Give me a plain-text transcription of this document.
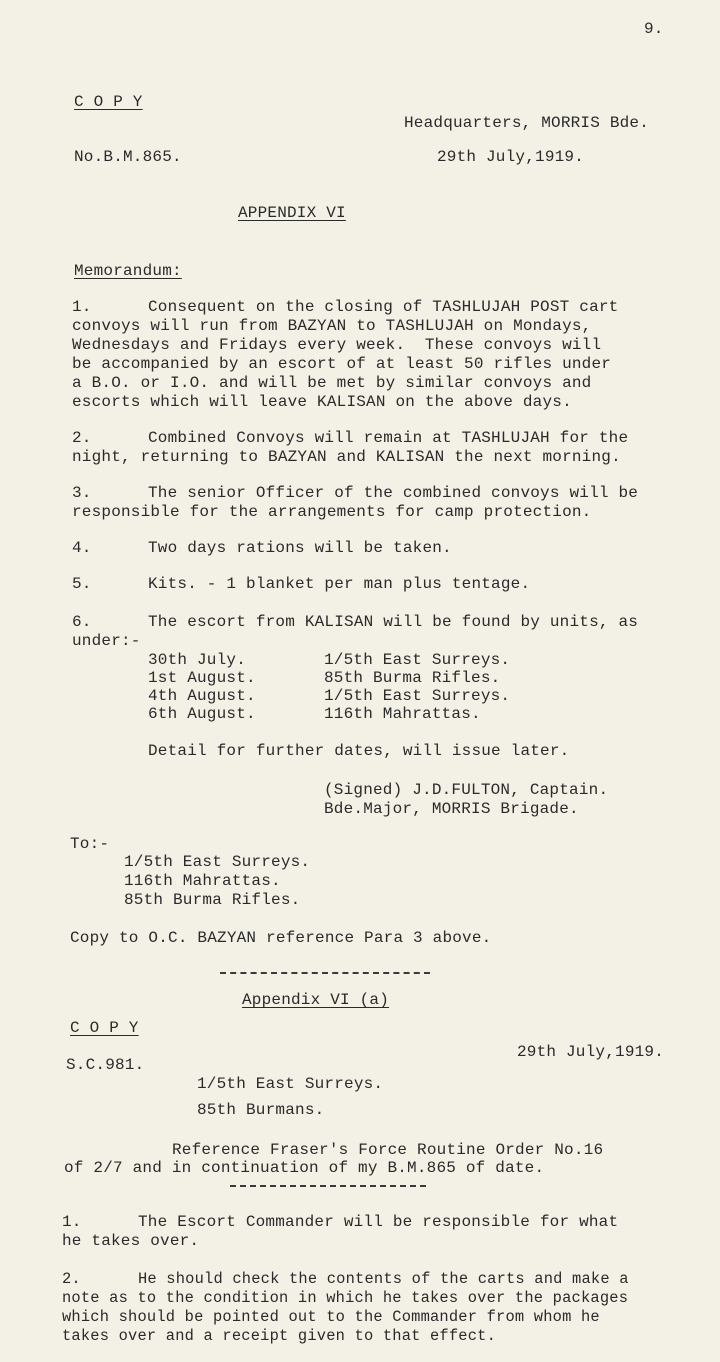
9.
C O P Y
Headquarters, MORRIS Bde.
No.B.M.865.	29th July,1919.
APPENDIX VI
Memorandum:
1.	Consequent on the closing of TASHLUJAH POST cart
convoys will run from BAZYAN to TASHLUJAH on Mondays,
Wednesdays and Fridays every week.  These convoys will
be accompanied by an escort of at least 50 rifles under
a B.O. or I.O. and will be met by similar convoys and
escorts which will leave KALISAN on the above days.
2.	Combined Convoys will remain at TASHLUJAH for the
night, returning to BAZYAN and KALISAN the next morning.
3.	The senior Officer of the combined convoys will be
responsible for the arrangements for camp protection.
4.	Two days rations will be taken.
5.	Kits. - 1 blanket per man plus tentage.
6.	The escort from KALISAN will be found by units, as
under:-
30th July.	1/5th East Surreys.
1st August.	85th Burma Rifles.
4th August.	1/5th East Surreys.
6th August.	116th Mahrattas.
Detail for further dates, will issue later.
(Signed) J.D.FULTON, Captain.
Bde.Major, MORRIS Brigade.
To:-
1/5th East Surreys.
116th Mahrattas.
85th Burma Rifles.
Copy to O.C. BAZYAN reference Para 3 above.
Appendix VI (a)
C O P Y
29th July,1919.
S.C.981.
1/5th East Surreys.
85th Burmans.
Reference Fraser's Force Routine Order No.16
of 2/7 and in continuation of my B.M.865 of date.
1.	The Escort Commander will be responsible for what
he takes over.
2.	He should check the contents of the carts and make a
note as to the condition in which he takes over the packages
which should be pointed out to the Commander from whom he
takes over and a receipt given to that effect.
